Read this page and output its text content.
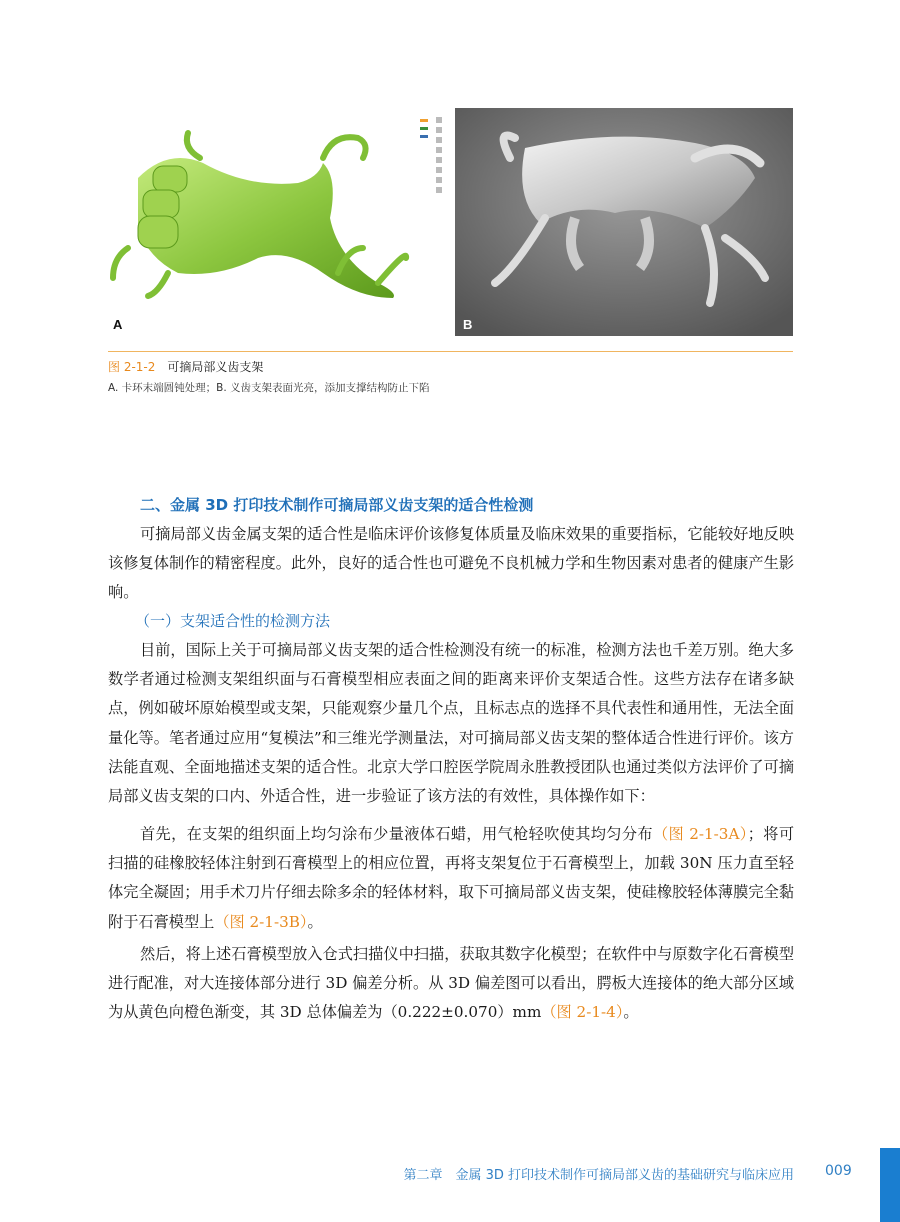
A	B
图 2-1-2 可摘局部义齿支架
A. 卡环末端圆钝处理；B. 义齿支架表面光亮，添加支撑结构防止下陷
二、金属 3D 打印技术制作可摘局部义齿支架的适合性检测

可摘局部义齿金属支架的适合性是临床评价该修复体质量及临床效果的重要指标，它能较好地反映该修复体制作的精密程度。此外，良好的适合性也可避免不良机械力学和生物因素对患者的健康产生影响。

（一）支架适合性的检测方法

目前，国际上关于可摘局部义齿支架的适合性检测没有统一的标准，检测方法也千差万别。绝大多数学者通过检测支架组织面与石膏模型相应表面之间的距离来评价支架适合性。这些方法存在诸多缺点，例如破坏原始模型或支架，只能观察少量几个点，且标志点的选择不具代表性和通用性，无法全面量化等。笔者通过应用“复模法”和三维光学测量法，对可摘局部义齿支架的整体适合性进行评价。该方法能直观、全面地描述支架的适合性。北京大学口腔医学院周永胜教授团队也通过类似方法评价了可摘局部义齿支架的口内、外适合性，进一步验证了该方法的有效性，具体操作如下：

首先，在支架的组织面上均匀涂布少量液体石蜡，用气枪轻吹使其均匀分布（图 2-1-3A）；将可扫描的硅橡胶轻体注射到石膏模型上的相应位置，再将支架复位于石膏模型上，加载 30N 压力直至轻体完全凝固；用手术刀片仔细去除多余的轻体材料，取下可摘局部义齿支架，使硅橡胶轻体薄膜完全黏附于石膏模型上（图 2-1-3B）。

然后，将上述石膏模型放入仓式扫描仪中扫描，获取其数字化模型；在软件中与原数字化石膏模型进行配准，对大连接体部分进行 3D 偏差分析。从 3D 偏差图可以看出，腭板大连接体的绝大部分区域为从黄色向橙色渐变，其 3D 总体偏差为（0.222±0.070）mm（图 2-1-4）。

第二章　金属 3D 打印技术制作可摘局部义齿的基础研究与临床应用 009
